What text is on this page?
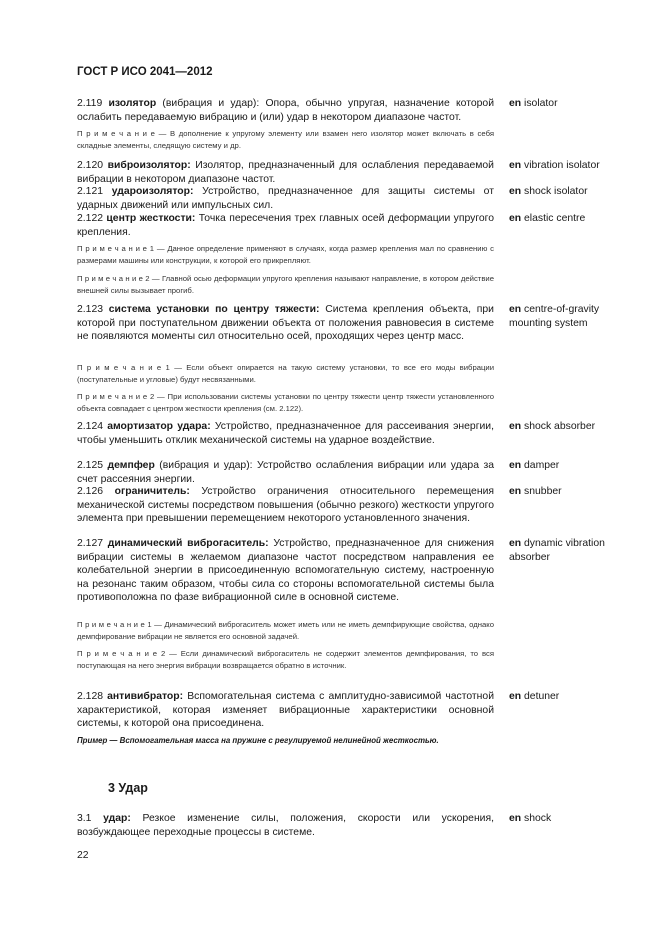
ГОСТ Р ИСО 2041—2012
2.119 изолятор (вибрация и удар): Опора, обычно упругая, назначение которой ослабить передаваемую вибрацию и (или) удар в некотором диапазоне частот.
en isolator
П р и м е ч а н и е — В дополнение к упругому элементу или взамен него изолятор может включать в себя складные элементы, следящую систему и др.
2.120 виброизолятор: Изолятор, предназначенный для ослабления передаваемой вибрации в некотором диапазоне частот.
en vibration isolator
2.121 удароизолятор: Устройство, предназначенное для защиты системы от ударных движений или импульсных сил.
en shock isolator
2.122 центр жесткости: Точка пересечения трех главных осей деформации упругого крепления.
en elastic centre
П р и м е ч а н и е 1 — Данное определение применяют в случаях, когда размер крепления мал по сравнению с размерами машины или конструкции, к которой его прикрепляют.
П р и м е ч а н и е 2 — Главной осью деформации упругого крепления называют направление, в котором действие внешней силы вызывает прогиб.
2.123 система установки по центру тяжести: Система крепления объекта, при которой при поступательном движении объекта от положения равновесия в системе не появляются моменты сил относительно осей, проходящих через центр масс.
en centre-of-gravity mounting system
П р и м е ч а н и е 1 — Если объект опирается на такую систему установки, то все его моды вибрации (поступательные и угловые) будут несвязанными.
П р и м е ч а н и е 2 — При использовании системы установки по центру тяжести центр тяжести установленного объекта совпадает с центром жесткости крепления (см. 2.122).
2.124 амортизатор удара: Устройство, предназначенное для рассеивания энергии, чтобы уменьшить отклик механической системы на ударное воздействие.
en shock absorber
2.125 демпфер (вибрация и удар): Устройство ослабления вибрации или удара за счет рассеяния энергии.
en damper
2.126 ограничитель: Устройство ограничения относительного перемещения механической системы посредством повышения (обычно резкого) жесткости упругого элемента при превышении перемещением некоторого установленного значения.
en snubber
2.127 динамический виброгаситель: Устройство, предназначенное для снижения вибрации системы в желаемом диапазоне частот посредством направления ее колебательной энергии в присоединенную вспомогательную систему, настроенную на резонанс таким образом, чтобы сила со стороны вспомогательной системы была противоположна по фазе вибрационной силе в основной системе.
en dynamic vibration absorber
П р и м е ч а н и е 1 — Динамический виброгаситель может иметь или не иметь демпфирующие свойства, однако демпфирование вибрации не является его основной задачей.
П р и м е ч а н и е 2 — Если динамический виброгаситель не содержит элементов демпфирования, то вся поступающая на него энергия вибрации возвращается обратно в источник.
2.128 антивибратор: Вспомогательная система с амплитудно-зависимой частотной характеристикой, которая изменяет вибрационные характеристики основной системы, к которой она присоединена.
en detuner
Пример — Вспомогательная масса на пружине с регулируемой нелинейной жесткостью.
3 Удар
3.1 удар: Резкое изменение силы, положения, скорости или ускорения, возбуждающее переходные процессы в системе.
en shock
22
